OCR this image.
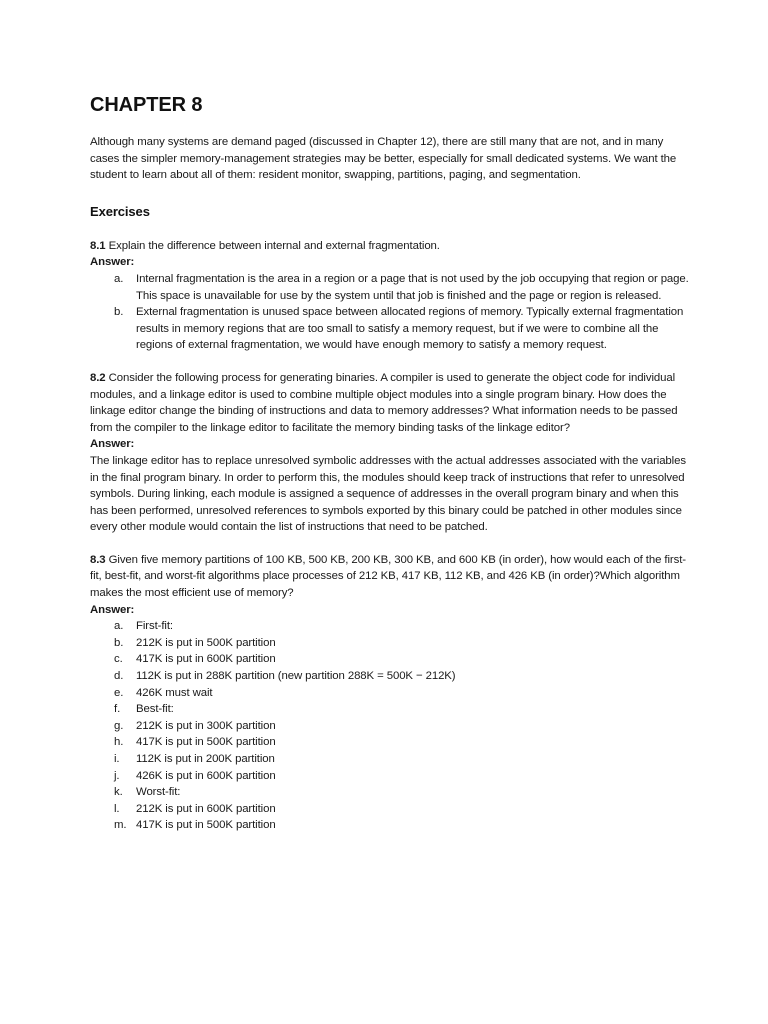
CHAPTER 8

Although many systems are demand paged (discussed in Chapter 12), there are still many that are not, and in many cases the simpler memory-management strategies may be better, especially for small dedicated systems. We want the student to learn about all of them: resident monitor, swapping, partitions, paging, and segmentation.

Exercises

8.1 Explain the difference between internal and external fragmentation.

Answer:

a. Internal fragmentation is the area in a region or a page that is not used by the job occupying that region or page. This space is unavailable for use by the system until that job is finished and the page or region is released.
b. External fragmentation is unused space between allocated regions of memory. Typically external fragmentation results in memory regions that are too small to satisfy a memory request, but if we were to combine all the regions of external fragmentation, we would have enough memory to satisfy a memory request.

8.2 Consider the following process for generating binaries. A compiler is used to generate the object code for individual modules, and a linkage editor is used to combine multiple object modules into a single program binary. How does the linkage editor change the binding of instructions and data to memory addresses? What information needs to be passed from the compiler to the linkage editor to facilitate the memory binding tasks of the linkage editor?

Answer:

The linkage editor has to replace unresolved symbolic addresses with the actual addresses associated with the variables in the final program binary. In order to perform this, the modules should keep track of instructions that refer to unresolved symbols. During linking, each module is assigned a sequence of addresses in the overall program binary and when this has been performed, unresolved references to symbols exported by this binary could be patched in other modules since every other module would contain the list of instructions that need to be patched.

8.3 Given five memory partitions of 100 KB, 500 KB, 200 KB, 300 KB, and 600 KB (in order), how would each of the first-fit, best-fit, and worst-fit algorithms place processes of 212 KB, 417 KB, 112 KB, and 426 KB (in order)?Which algorithm makes the most efficient use of memory?

Answer:

a. First-fit:
b. 212K is put in 500K partition
c. 417K is put in 600K partition
d. 112K is put in 288K partition (new partition 288K = 500K − 212K)
e. 426K must wait
f. Best-fit:
g. 212K is put in 300K partition
h. 417K is put in 500K partition
i. 112K is put in 200K partition
j. 426K is put in 600K partition
k. Worst-fit:
l. 212K is put in 600K partition
m. 417K is put in 500K partition
